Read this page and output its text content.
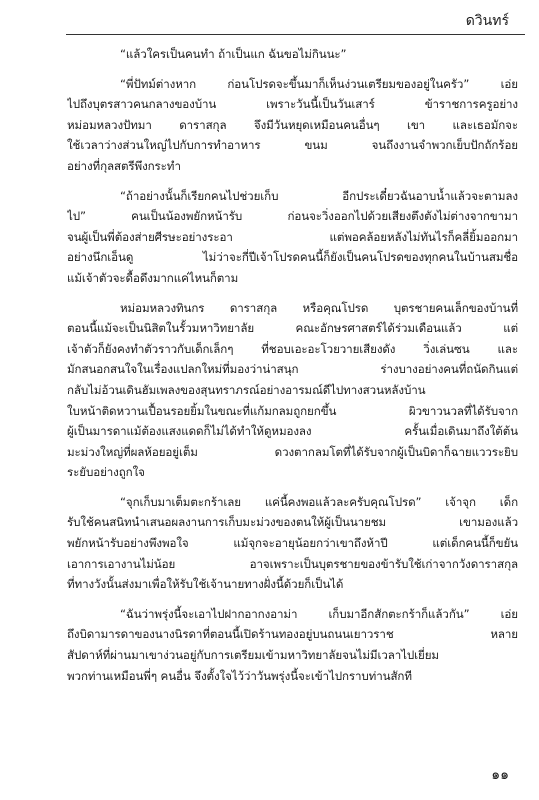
ดวินทร์
“แล้วใครเป็นคนทำ ถ้าเป็นแก ฉันขอไม่กินนะ”
“พี่ปัทม์ต่างหาก ก่อนโปรดจะขึ้นมาก็เห็นง่วนเตรียมของอยู่ในครัว” เอ่ย
ไปถึงบุตรสาวคนกลางของบ้าน เพราะวันนี้เป็นวันเสาร์ ข้าราชการครูอย่าง
หม่อมหลวงปัทมา ดาราสกุล จึงมีวันหยุดเหมือนคนอื่นๆ เขา และเธอมักจะ
ใช้เวลาว่างส่วนใหญ่ไปกับการทำอาหาร ขนม จนถึงงานจำพวกเย็บปักถักร้อย
อย่างที่กุลสตรีพึงกระทำ
“ถ้าอย่างนั้นก็เรียกคนไปช่วยเก็บ อีกประเดี๋ยวฉันอาบน้ำแล้วจะตามลง
ไป” คนเป็นน้องพยักหน้ารับ ก่อนจะวิ่งออกไปด้วยเสียงตึงตังไม่ต่างจากขามา
จนผู้เป็นพี่ต้องส่ายศีรษะอย่างระอา แต่พอคล้อยหลังไม่ทันไรก็คลี่ยิ้มออกมา
อย่างนึกเอ็นดู ไม่ว่าจะกี่ปีเจ้าโปรดคนนี้ก็ยังเป็นคนโปรดของทุกคนในบ้านสมชื่อ
แม้เจ้าตัวจะดื้อดึงมากแค่ไหนก็ตาม
หม่อมหลวงทินกร ดาราสกุล หรือคุณโปรด บุตรชายคนเล็กของบ้านที่
ตอนนี้แม้จะเป็นนิสิตในรั้วมหาวิทยาลัย คณะอักษรศาสตร์ได้ร่วมเดือนแล้ว แต่
เจ้าตัวก็ยังคงทำตัวราวกับเด็กเล็กๆ ที่ชอบเอะอะโวยวายเสียงดัง วิ่งเล่นซน และ
มักสนอกสนใจในเรื่องแปลกใหม่ที่มองว่าน่าสนุก ร่างบางอย่างคนที่ถนัดกินแต่
กลับไม่อ้วนเดินฮัมเพลงของสุนทราภรณ์อย่างอารมณ์ดีไปทางสวนหลังบ้าน
ใบหน้าติดหวานเปื้อนรอยยิ้มในขณะที่แก้มกลมถูกยกขึ้น ผิวขาวนวลที่ได้รับจาก
ผู้เป็นมารดาแม้ต้องแสงแดดก็ไม่ได้ทำให้ดูหมองลง ครั้นเมื่อเดินมาถึงใต้ต้น
มะม่วงใหญ่ที่ผลห้อยอยู่เต็ม ดวงตากลมโตที่ได้รับจากผู้เป็นบิดาก็ฉายแววระยิบ
ระยับอย่างถูกใจ
“จุกเก็บมาเต็มตะกร้าเลย แค่นี้คงพอแล้วละครับคุณโปรด” เจ้าจุก เด็ก
รับใช้คนสนิทนำเสนอผลงานการเก็บมะม่วงของตนให้ผู้เป็นนายชม เขามองแล้ว
พยักหน้ารับอย่างพึงพอใจ แม้จุกจะอายุน้อยกว่าเขาถึงห้าปี แต่เด็กคนนี้ก็ขยัน
เอาการเอางานไม่น้อย อาจเพราะเป็นบุตรชายของข้ารับใช้เก่าจากวังดาราสกุล
ที่ทางวังนั้นส่งมาเพื่อให้รับใช้เจ้านายทางฝั่งนี้ด้วยก็เป็นได้
“ฉันว่าพรุ่งนี้จะเอาไปฝากอากงอาม่า เก็บมาอีกสักตะกร้าก็แล้วกัน” เอ่ย
ถึงบิดามารดาของนางนิรดาที่ตอนนี้เปิดร้านทองอยู่บนถนนเยาวราช หลาย
สัปดาห์ที่ผ่านมาเขาง่วนอยู่กับการเตรียมเข้ามหาวิทยาลัยจนไม่มีเวลาไปเยี่ยม
พวกท่านเหมือนพี่ๆ คนอื่น จึงตั้งใจไว้ว่าวันพรุ่งนี้จะเข้าไปกราบท่านสักที
๑๑
